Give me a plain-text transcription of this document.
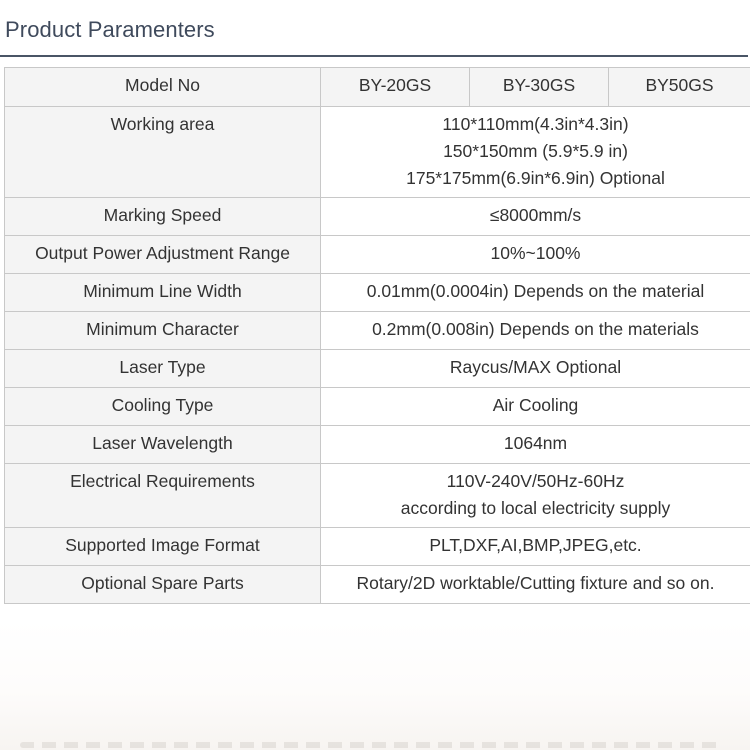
Product Paramenters
Model No	BY-20GS	BY-30GS	BY50GS

Working area	110*110mm(4.3in*4.3in)
150*150mm (5.9*5.9 in)
175*175mm(6.9in*6.9in) Optional		

Marking Speed	≤8000mm/s		

Output Power Adjustment Range	10%~100%		

Minimum Line Width	0.01mm(0.0004in) Depends on the material		

Minimum Character	0.2mm(0.008in) Depends on the materials		

Laser Type	Raycus/MAX Optional		

Cooling Type	Air Cooling		

Laser Wavelength	1064nm		

Electrical Requirements	110V-240V/50Hz-60Hz
according to local electricity supply		

Supported Image Format	PLT,DXF,AI,BMP,JPEG,etc.		

Optional Spare Parts	Rotary/2D worktable/Cutting fixture and so on.		
